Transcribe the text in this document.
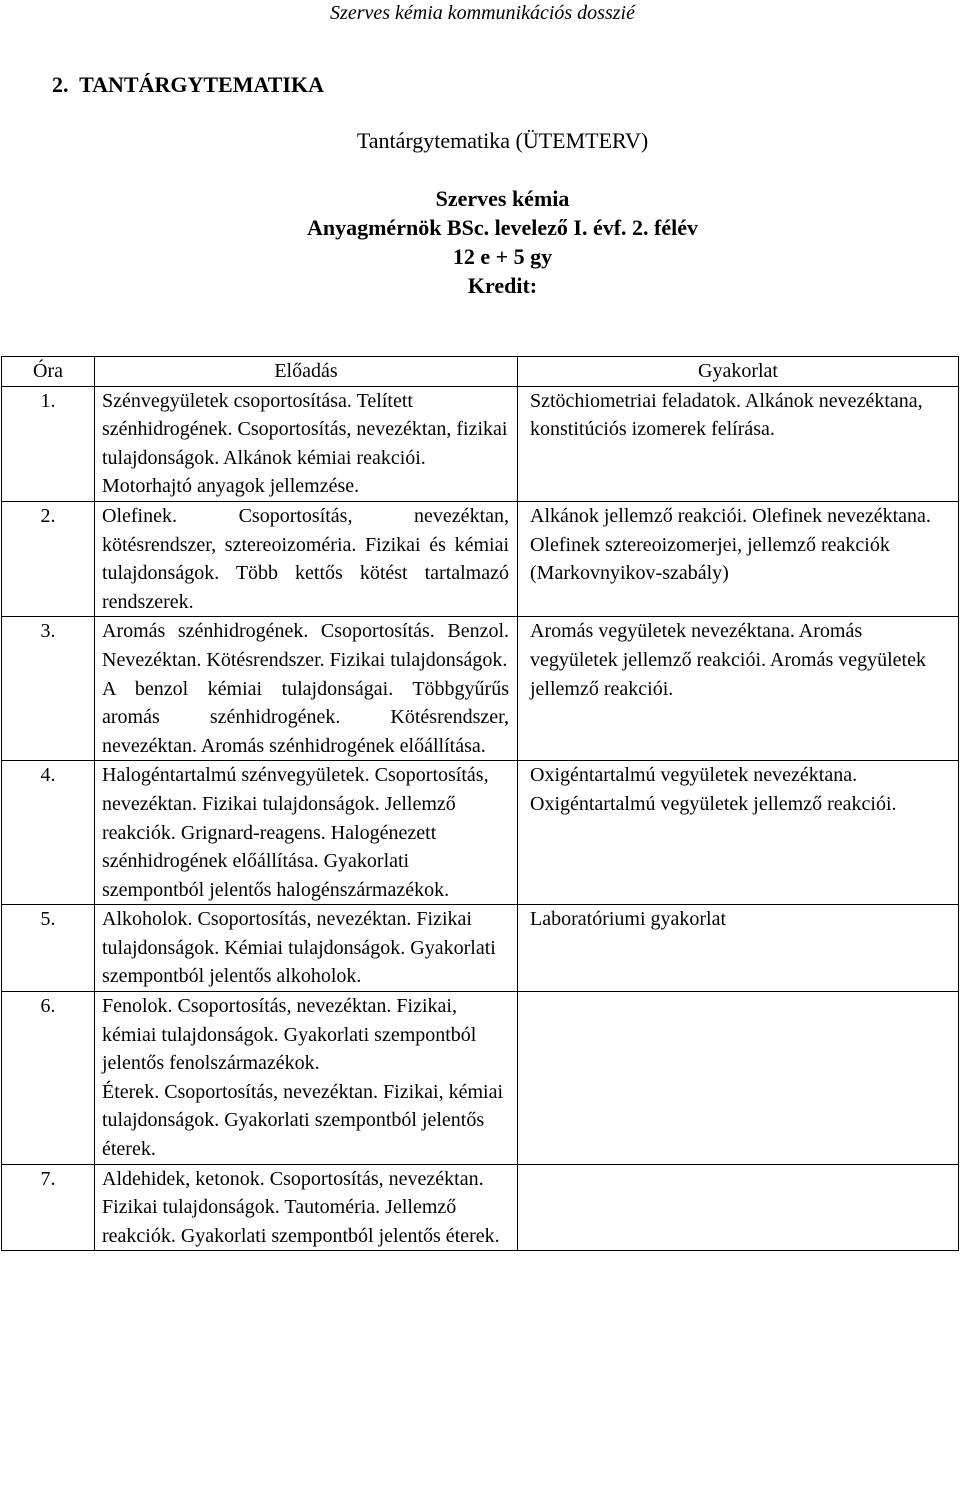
Szerves kémia kommunikációs dosszié
2.  TANTÁRGYTEMATIKA
Tantárgytematika (ÜTEMTERV)
Szerves kémia
Anyagmérnök BSc. levelező I. évf. 2. félév
12 e + 5 gy
Kredit:
Óra	Előadás	Gyakorlat
1.	Szénvegyületek csoportosítása. Telített szénhidrogének. Csoportosítás, nevezéktan, fizikai tulajdonságok. Alkánok kémiai reakciói. Motorhajtó anyagok jellemzése.	Sztöchiometriai feladatok. Alkánok nevezéktana, konstitúciós izomerek felírása.
2.	Olefinek. Csoportosítás, nevezéktan, kötésrendszer, sztereoizoméria. Fizikai és kémiai tulajdonságok. Több kettős kötést tartalmazó rendszerek.	Alkánok jellemző reakciói. Olefinek nevezéktana. Olefinek sztereoizomerjei, jellemző reakciók (Markovnyikov-szabály)
3.	Aromás szénhidrogének. Csoportosítás. Benzol. Nevezéktan. Kötésrendszer. Fizikai tulajdonságok.
A benzol kémiai tulajdonságai. Többgyűrűs aromás szénhidrogének. Kötésrendszer, nevezéktan. Aromás szénhidrogének előállítása.	Aromás vegyületek nevezéktana. Aromás vegyületek jellemző reakciói. Aromás vegyületek jellemző reakciói.
4.	Halogéntartalmú szénvegyületek. Csoportosítás, nevezéktan. Fizikai tulajdonságok. Jellemző reakciók. Grignard-reagens. Halogénezett szénhidrogének előállítása. Gyakorlati szempontból jelentős halogénszármazékok.	Oxigéntartalmú vegyületek nevezéktana. Oxigéntartalmú vegyületek jellemző reakciói.
5.	Alkoholok. Csoportosítás, nevezéktan. Fizikai tulajdonságok. Kémiai tulajdonságok. Gyakorlati szempontból jelentős alkoholok.	Laboratóriumi gyakorlat
6.	Fenolok. Csoportosítás, nevezéktan. Fizikai, kémiai tulajdonságok. Gyakorlati szempontból jelentős fenolszármazékok.
Éterek. Csoportosítás, nevezéktan. Fizikai, kémiai tulajdonságok. Gyakorlati szempontból jelentős éterek.	

7.	Aldehidek, ketonok. Csoportosítás, nevezéktan. Fizikai tulajdonságok. Tautoméria. Jellemző reakciók. Gyakorlati szempontból jelentős éterek.	
